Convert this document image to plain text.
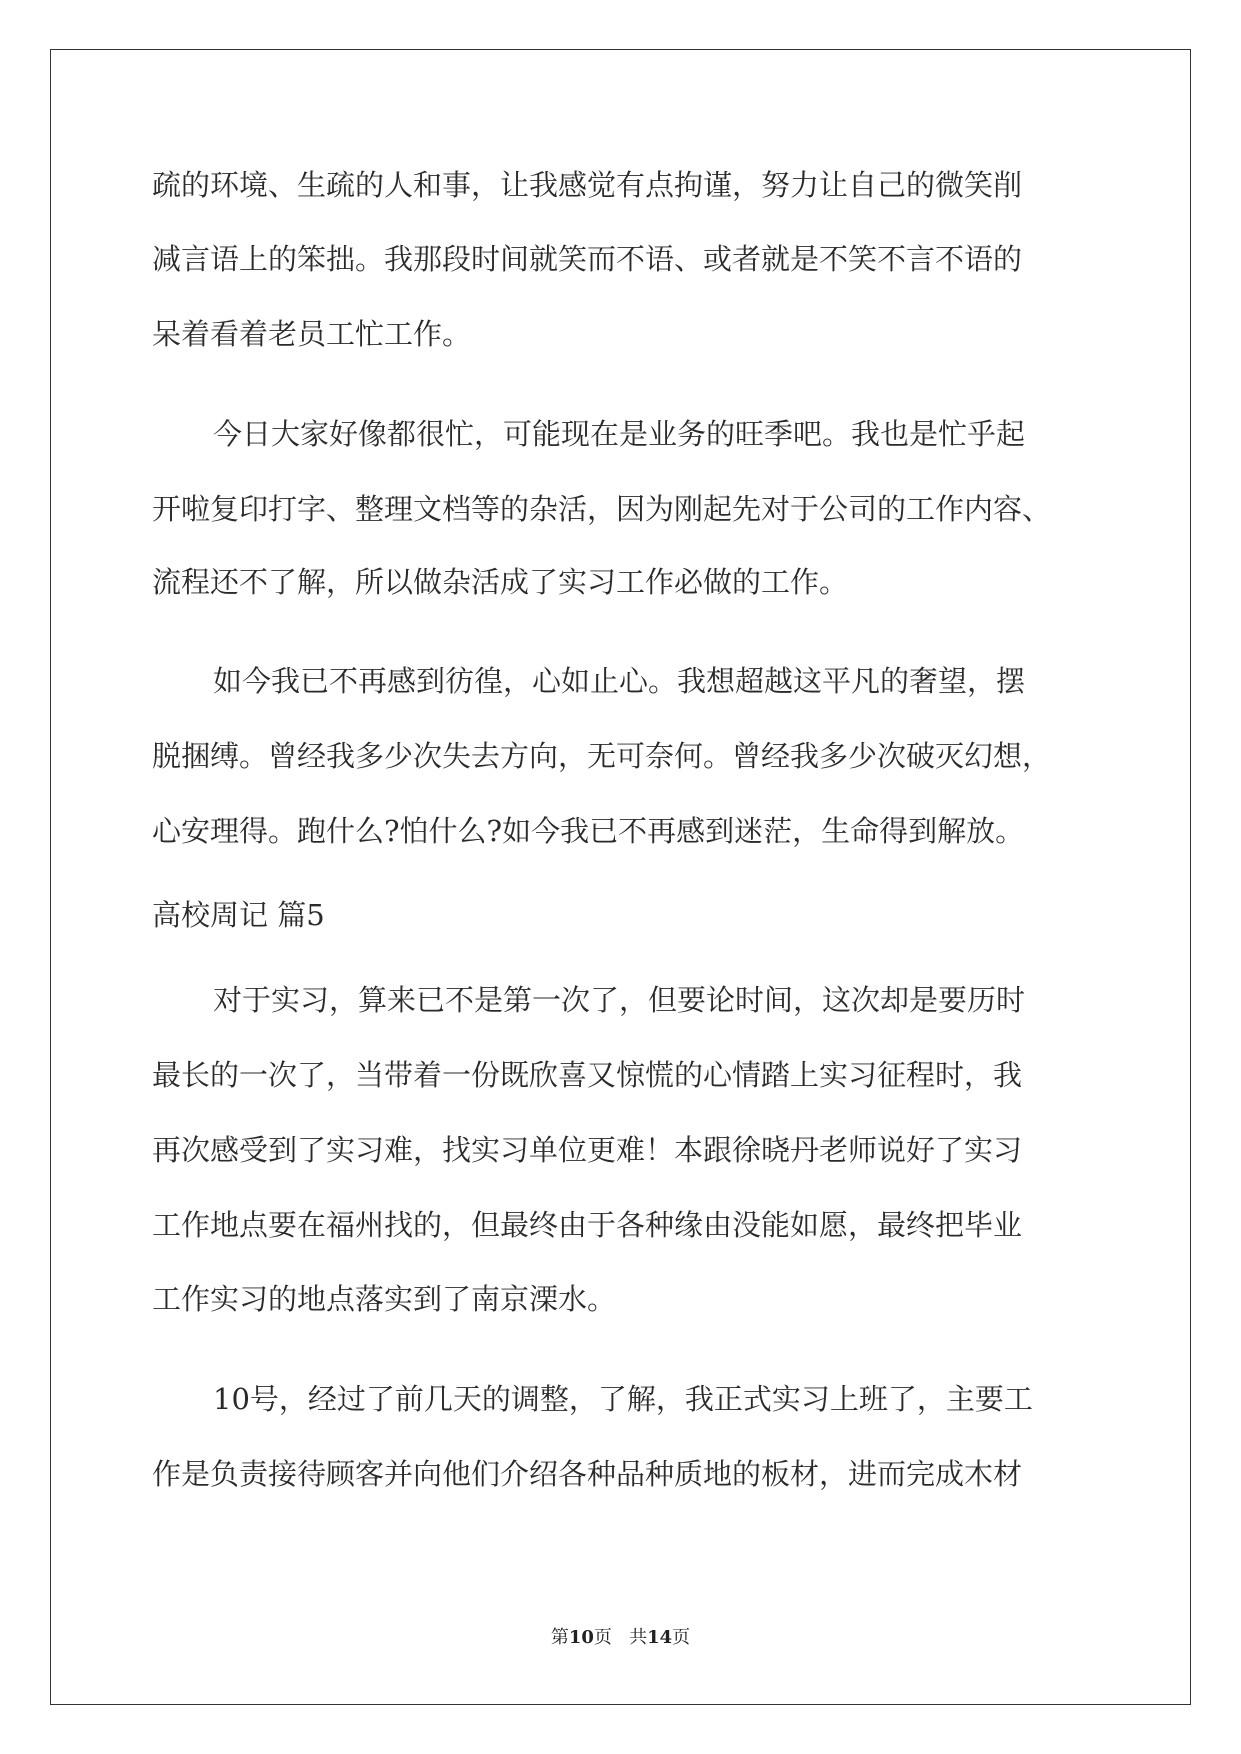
疏的环境、生疏的人和事，让我感觉有点拘谨，努力让自己的微笑削
减言语上的笨拙。我那段时间就笑而不语、或者就是不笑不言不语的
呆着看着老员工忙工作。
今日大家好像都很忙，可能现在是业务的旺季吧。我也是忙乎起
开啦复印打字、整理文档等的杂活，因为刚起先对于公司的工作内容、
流程还不了解，所以做杂活成了实习工作必做的工作。
如今我已不再感到彷徨，心如止心。我想超越这平凡的奢望，摆
脱捆缚。曾经我多少次失去方向，无可奈何。曾经我多少次破灭幻想，
心安理得。跑什么?怕什么?如今我已不再感到迷茫，生命得到解放。
高校周记 篇5
对于实习，算来已不是第一次了，但要论时间，这次却是要历时
最长的一次了，当带着一份既欣喜又惊慌的心情踏上实习征程时，我
再次感受到了实习难，找实习单位更难！本跟徐晓丹老师说好了实习
工作地点要在福州找的，但最终由于各种缘由没能如愿，最终把毕业
工作实习的地点落实到了南京溧水。
10号，经过了前几天的调整，了解，我正式实习上班了，主要工
作是负责接待顾客并向他们介绍各种品种质地的板材，进而完成木材
第10页   共14页
